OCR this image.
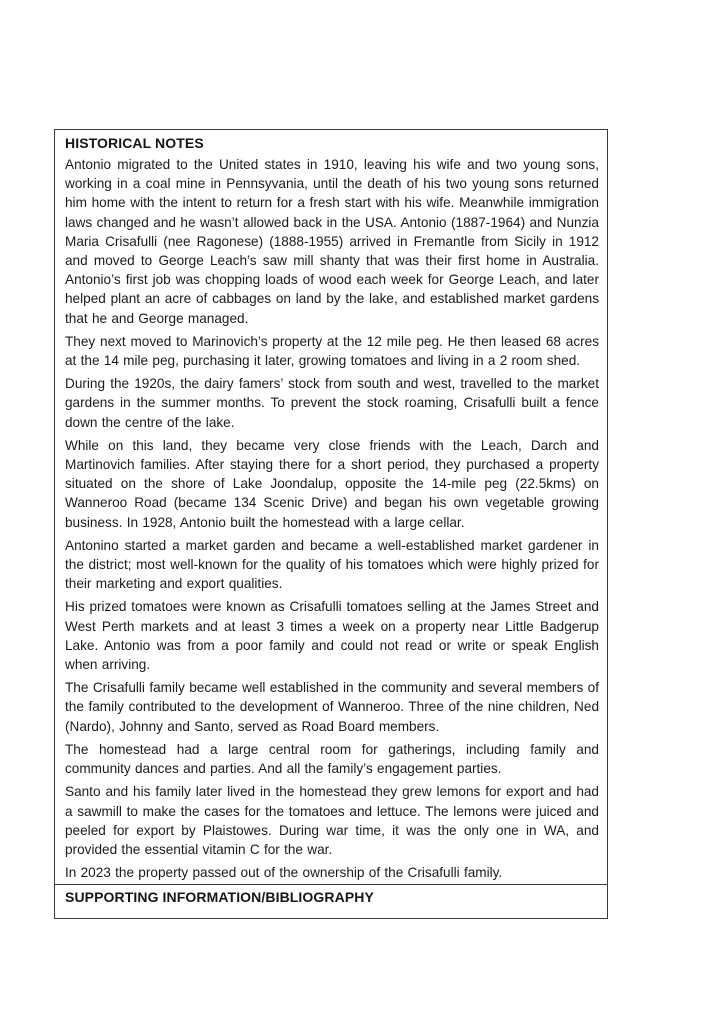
HISTORICAL NOTES

Antonio migrated to the United states in 1910, leaving his wife and two young sons, working in a coal mine in Pennsyvania, until the death of his two young sons returned him home with the intent to return for a fresh start with his wife. Meanwhile immigration laws changed and he wasn’t allowed back in the USA. Antonio (1887-1964) and Nunzia Maria Crisafulli (nee Ragonese) (1888-1955) arrived in Fremantle from Sicily in 1912 and moved to George Leach’s saw mill shanty that was their first home in Australia. Antonio’s first job was chopping loads of wood each week for George Leach, and later helped plant an acre of cabbages on land by the lake, and established market gardens that he and George managed.

They next moved to Marinovich’s property at the 12 mile peg. He then leased 68 acres at the 14 mile peg, purchasing it later, growing tomatoes and living in a 2 room shed.

During the 1920s, the dairy famers’ stock from south and west, travelled to the market gardens in the summer months. To prevent the stock roaming, Crisafulli built a fence down the centre of the lake.

While on this land, they became very close friends with the Leach, Darch and Martinovich families. After staying there for a short period, they purchased a property situated on the shore of Lake Joondalup, opposite the 14-mile peg (22.5kms) on Wanneroo Road (became 134 Scenic Drive) and began his own vegetable growing business. In 1928, Antonio built the homestead with a large cellar.

Antonino started a market garden and became a well-established market gardener in the district; most well-known for the quality of his tomatoes which were highly prized for their marketing and export qualities.

His prized tomatoes were known as Crisafulli tomatoes selling at the James Street and West Perth markets and at least 3 times a week on a property near Little Badgerup Lake. Antonio was from a poor family and could not read or write or speak English when arriving.

The Crisafulli family became well established in the community and several members of the family contributed to the development of Wanneroo. Three of the nine children, Ned (Nardo), Johnny and Santo, served as Road Board members.

The homestead had a large central room for gatherings, including family and community dances and parties. And all the family’s engagement parties.

Santo and his family later lived in the homestead they grew lemons for export and had a sawmill to make the cases for the tomatoes and lettuce. The lemons were juiced and peeled for export by Plaistowes. During war time, it was the only one in WA, and provided the essential vitamin C for the war.

In 2023 the property passed out of the ownership of the Crisafulli family.

SUPPORTING INFORMATION/BIBLIOGRAPHY
